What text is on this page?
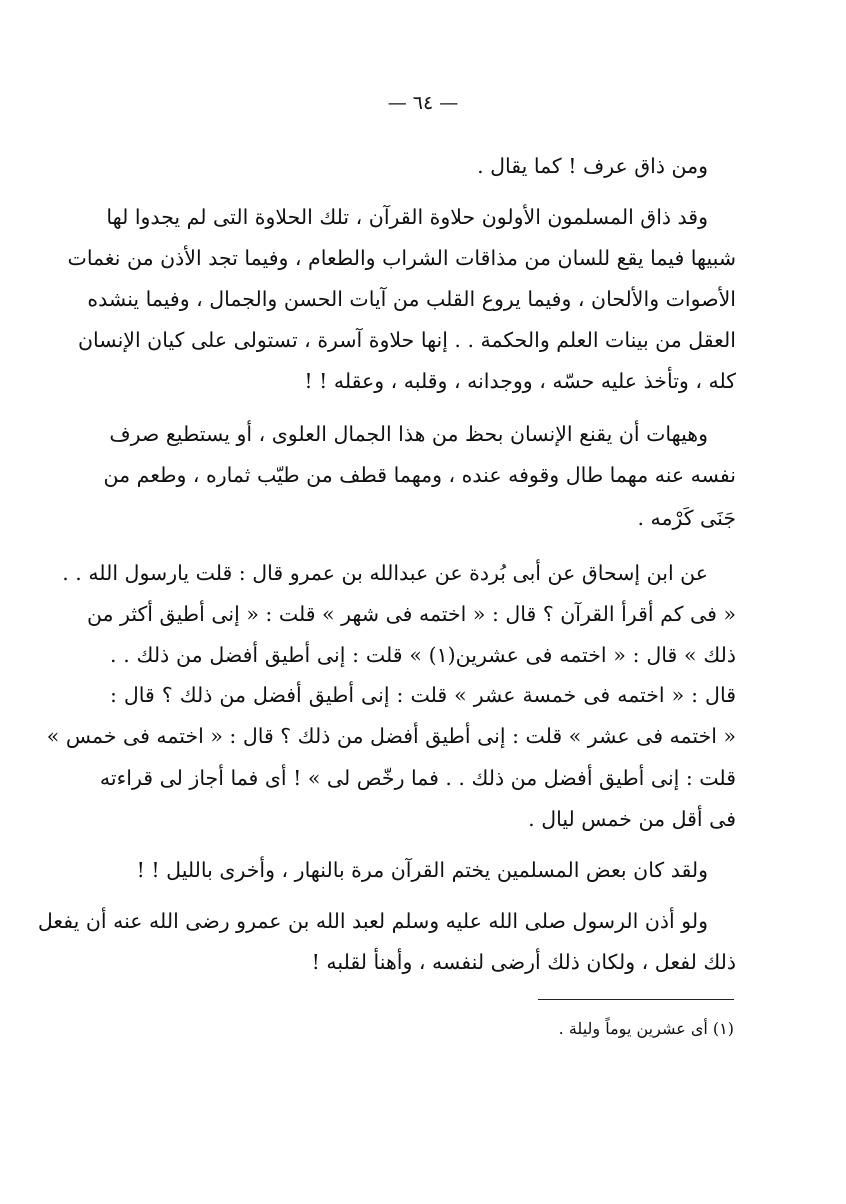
— ٦٤ —
ومن ذاق عرف ! كما يقال .
وقد ذاق المسلمون الأولون حلاوة القرآن ، تلك الحلاوة التى لم يجدوا لها
شبيها فيما يقع للسان من مذاقات الشراب والطعام ، وفيما تجد الأذن من نغمات
الأصوات والألحان ، وفيما يروع القلب من آيات الحسن والجمال ، وفيما ينشده
العقل من بينات العلم والحكمة . . إنها حلاوة آسرة ، تستولى على كيان الإنسان
كله ، وتأخذ عليه حسّه ، ووجدانه ، وقلبه ، وعقله ! !
وهيهات أن يقنع الإنسان بحظ من هذا الجمال العلوى ، أو يستطيع صرف
نفسه عنه مهما طال وقوفه عنده ، ومهما قطف من طيّب ثماره ، وطعم من
جَنَى كَرْمه .
عن ابن إسحاق عن أبى بُردة عن عبدالله بن عمرو قال : قلت يارسول الله . .
« فى كم أقرأ القرآن ؟ قال : « اختمه فى شهر » قلت : « إنى أطيق أكثر من
ذلك » قال : « اختمه فى عشرين(١) » قلت : إنى أطيق أفضل من ذلك . .
قال : « اختمه فى خمسة عشر » قلت : إنى أطيق أفضل من ذلك ؟ قال :
« اختمه فى عشر » قلت : إنى أطيق أفضل من ذلك ؟ قال : « اختمه فى خمس »
قلت : إنى أطيق أفضل من ذلك . . فما رخّص لى » ! أى فما أجاز لى قراءته
فى أقل من خمس ليال .
ولقد كان بعض المسلمين يختم القرآن مرة بالنهار ، وأخرى بالليل ! !
ولو أذن الرسول صلى الله عليه وسلم لعبد الله بن عمرو رضى الله عنه أن يفعل
ذلك لفعل ، ولكان ذلك أرضى لنفسه ، وأهنأ لقلبه !
(١) أى عشرين يوماً وليلة .
